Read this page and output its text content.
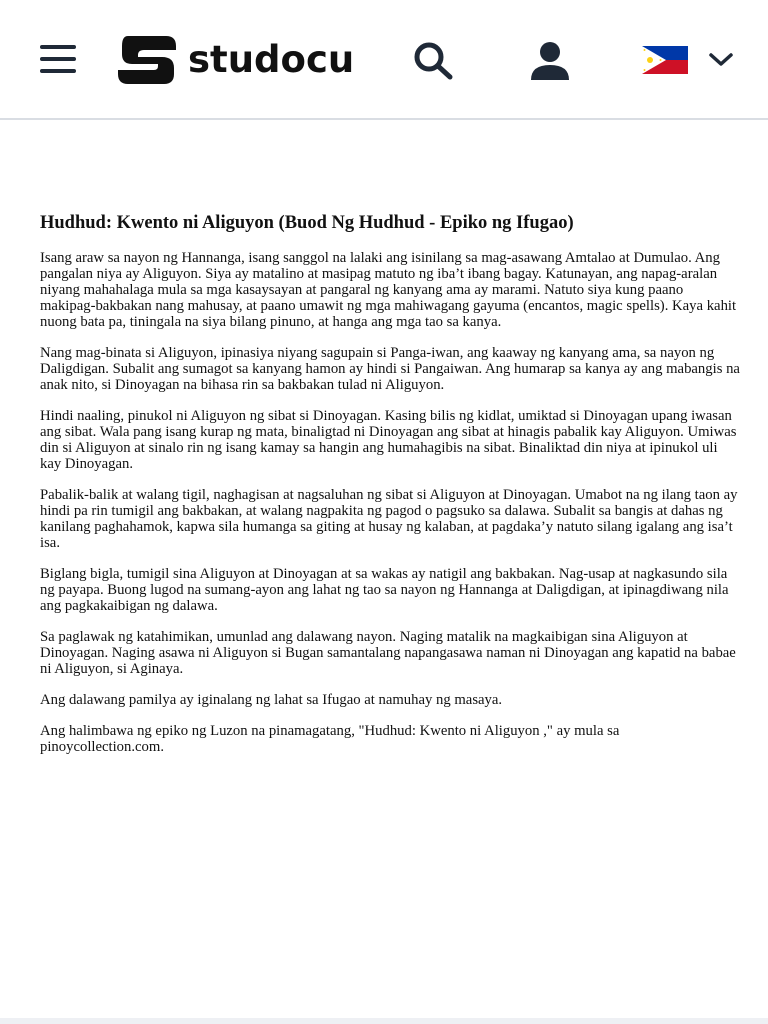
studocu
Hudhud: Kwento ni Aliguyon (Buod Ng Hudhud - Epiko ng Ifugao)

Isang araw sa nayon ng Hannanga, isang sanggol na lalaki ang isinilang sa mag-asawang Amtalao at Dumulao. Ang pangalan niya ay Aliguyon. Siya ay matalino at masipag matuto ng iba’t ibang bagay. Katunayan, ang napag-aralan niyang mahahalaga mula sa mga kasaysayan at pangaral ng kanyang ama ay marami. Natuto siya kung paano makipag-bakbakan nang mahusay, at paano umawit ng mga mahiwagang gayuma (encantos, magic spells). Kaya kahit nuong bata pa, tiningala na siya bilang pinuno, at hanga ang mga tao sa kanya.

Nang mag-binata si Aliguyon, ipinasiya niyang sagupain si Panga-iwan, ang kaaway ng kanyang ama, sa nayon ng Daligdigan. Subalit ang sumagot sa kanyang hamon ay hindi si Pangaiwan. Ang humarap sa kanya ay ang mabangis na anak nito, si Dinoyagan na bihasa rin sa bakbakan tulad ni Aliguyon.

Hindi naaling, pinukol ni Aliguyon ng sibat si Dinoyagan. Kasing bilis ng kidlat, umiktad si Dinoyagan upang iwasan ang sibat. Wala pang isang kurap ng mata, binaligtad ni Dinoyagan ang sibat at hinagis pabalik kay Aliguyon. Umiwas din si Aliguyon at sinalo rin ng isang kamay sa hangin ang humahagibis na sibat. Binaliktad din niya at ipinukol uli kay Dinoyagan.

Pabalik-balik at walang tigil, naghagisan at nagsaluhan ng sibat si Aliguyon at Dinoyagan. Umabot na ng ilang taon ay hindi pa rin tumigil ang bakbakan, at walang nagpakita ng pagod o pagsuko sa dalawa. Subalit sa bangis at dahas ng kanilang paghahamok, kapwa sila humanga sa giting at husay ng kalaban, at pagdaka’y natuto silang igalang ang isa’t isa.

Biglang bigla, tumigil sina Aliguyon at Dinoyagan at sa wakas ay natigil ang bakbakan. Nag-usap at nagkasundo sila ng payapa. Buong lugod na sumang-ayon ang lahat ng tao sa nayon ng Hannanga at Daligdigan, at ipinagdiwang nila ang pagkakaibigan ng dalawa.

Sa paglawak ng katahimikan, umunlad ang dalawang nayon. Naging matalik na magkaibigan sina Aliguyon at Dinoyagan. Naging asawa ni Aliguyon si Bugan samantalang napangasawa naman ni Dinoyagan ang kapatid na babae ni Aliguyon, si Aginaya.

Ang dalawang pamilya ay iginalang ng lahat sa Ifugao at namuhay ng masaya.

Ang halimbawa ng epiko ng Luzon na pinamagatang, "Hudhud: Kwento ni Aliguyon ," ay mula sa pinoycollection.com.
